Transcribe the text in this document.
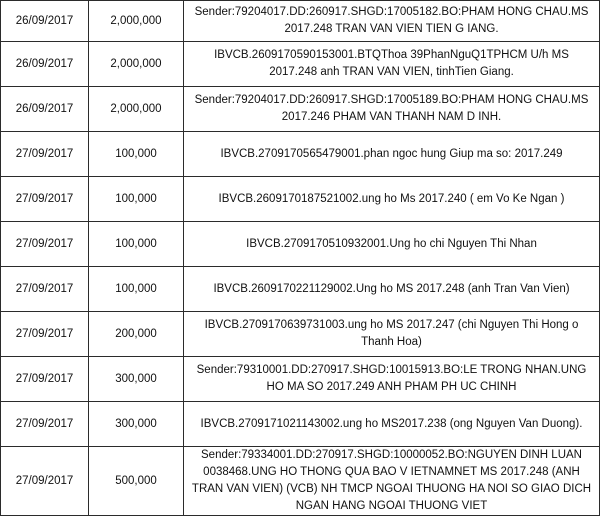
26/09/2017	2,000,000	Sender:79204017.DD:260917.SHGD:17005182.BO:PHAM HONG CHAU.MS 2017.248 TRAN VAN VIEN TIEN G IANG.
26/09/2017	2,000,000	IBVCB.2609170590153001.BTQThoa 39PhanNguQ1TPHCM U/h MS 2017.248 anh TRAN VAN VIEN, tinhTien Giang.
26/09/2017	2,000,000	Sender:79204017.DD:260917.SHGD:17005189.BO:PHAM HONG CHAU.MS 2017.246 PHAM VAN THANH NAM D INH.
27/09/2017	100,000	IBVCB.2709170565479001.phan ngoc hung Giup ma so: 2017.249
27/09/2017	100,000	IBVCB.2609170187521002.ung ho Ms 2017.240 ( em Vo Ke Ngan )
27/09/2017	100,000	IBVCB.2709170510932001.Ung ho chi Nguyen Thi Nhan
27/09/2017	100,000	IBVCB.2609170221129002.Ung ho MS 2017.248 (anh Tran Van Vien)
27/09/2017	200,000	IBVCB.2709170639731003.ung ho MS 2017.247 (chi Nguyen Thi Hong o Thanh Hoa)
27/09/2017	300,000	Sender:79310001.DD:270917.SHGD:10015913.BO:LE TRONG NHAN.UNG HO MA SO 2017.249 ANH PHAM PH UC CHINH
27/09/2017	300,000	IBVCB.2709171021143002.ung ho MS2017.238 (ong Nguyen Van Duong).
27/09/2017	500,000	Sender:79334001.DD:270917.SHGD:10000052.BO:NGUYEN DINH LUAN 0038468.UNG HO THONG QUA BAO V IETNAMNET MS 2017.248 (ANH TRAN VAN VIEN) (VCB) NH TMCP NGOAI THUONG HA NOI SO GIAO DICH NGAN HANG NGOAI THUONG VIET
